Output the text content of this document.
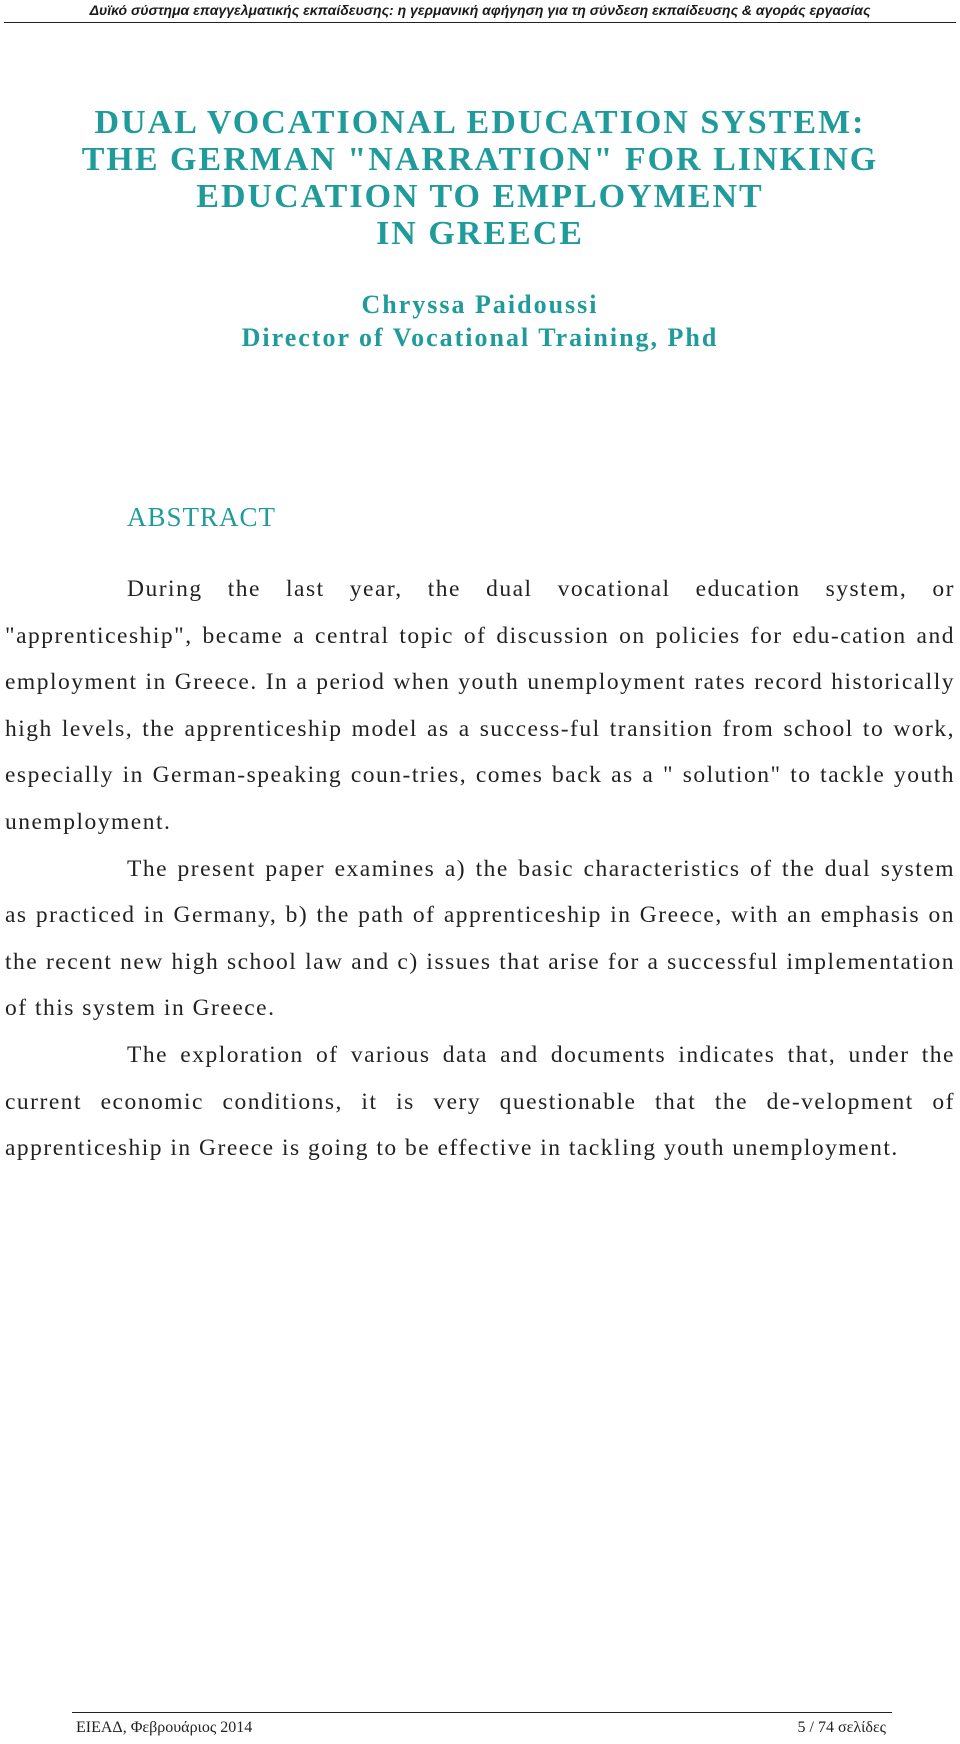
Δυϊκό σύστημα επαγγελματικής εκπαίδευσης: η γερμανική αφήγηση για τη σύνδεση εκπαίδευσης & αγοράς εργασίας
DUAL VOCATIONAL EDUCATION SYSTEM:
THE GERMAN "NARRATION" FOR LINKING
EDUCATION TO EMPLOYMENT
IN GREECE
Chryssa Paidoussi
Director of Vocational Training, Phd
ABSTRACT

During the last year, the dual vocational education system, or "apprenticeship", became a central topic of discussion on policies for edu-cation and employment in Greece. In a period when youth unemployment rates record historically high levels, the apprenticeship model as a success-ful transition from school to work, especially in German-speaking coun-tries, comes back as a " solution" to tackle youth unemployment.

The present paper examines a) the basic characteristics of the dual system as practiced in Germany, b) the path of apprenticeship in Greece, with an emphasis on the recent new high school law and c) issues that arise for a successful implementation of this system in Greece.

The exploration of various data and documents indicates that, under the current economic conditions, it is very questionable that the de-velopment of apprenticeship in Greece is going to be effective in tackling youth unemployment.

ΕΙΕΑΔ, Φεβρουάριος 2014	5 / 74 σελίδες
